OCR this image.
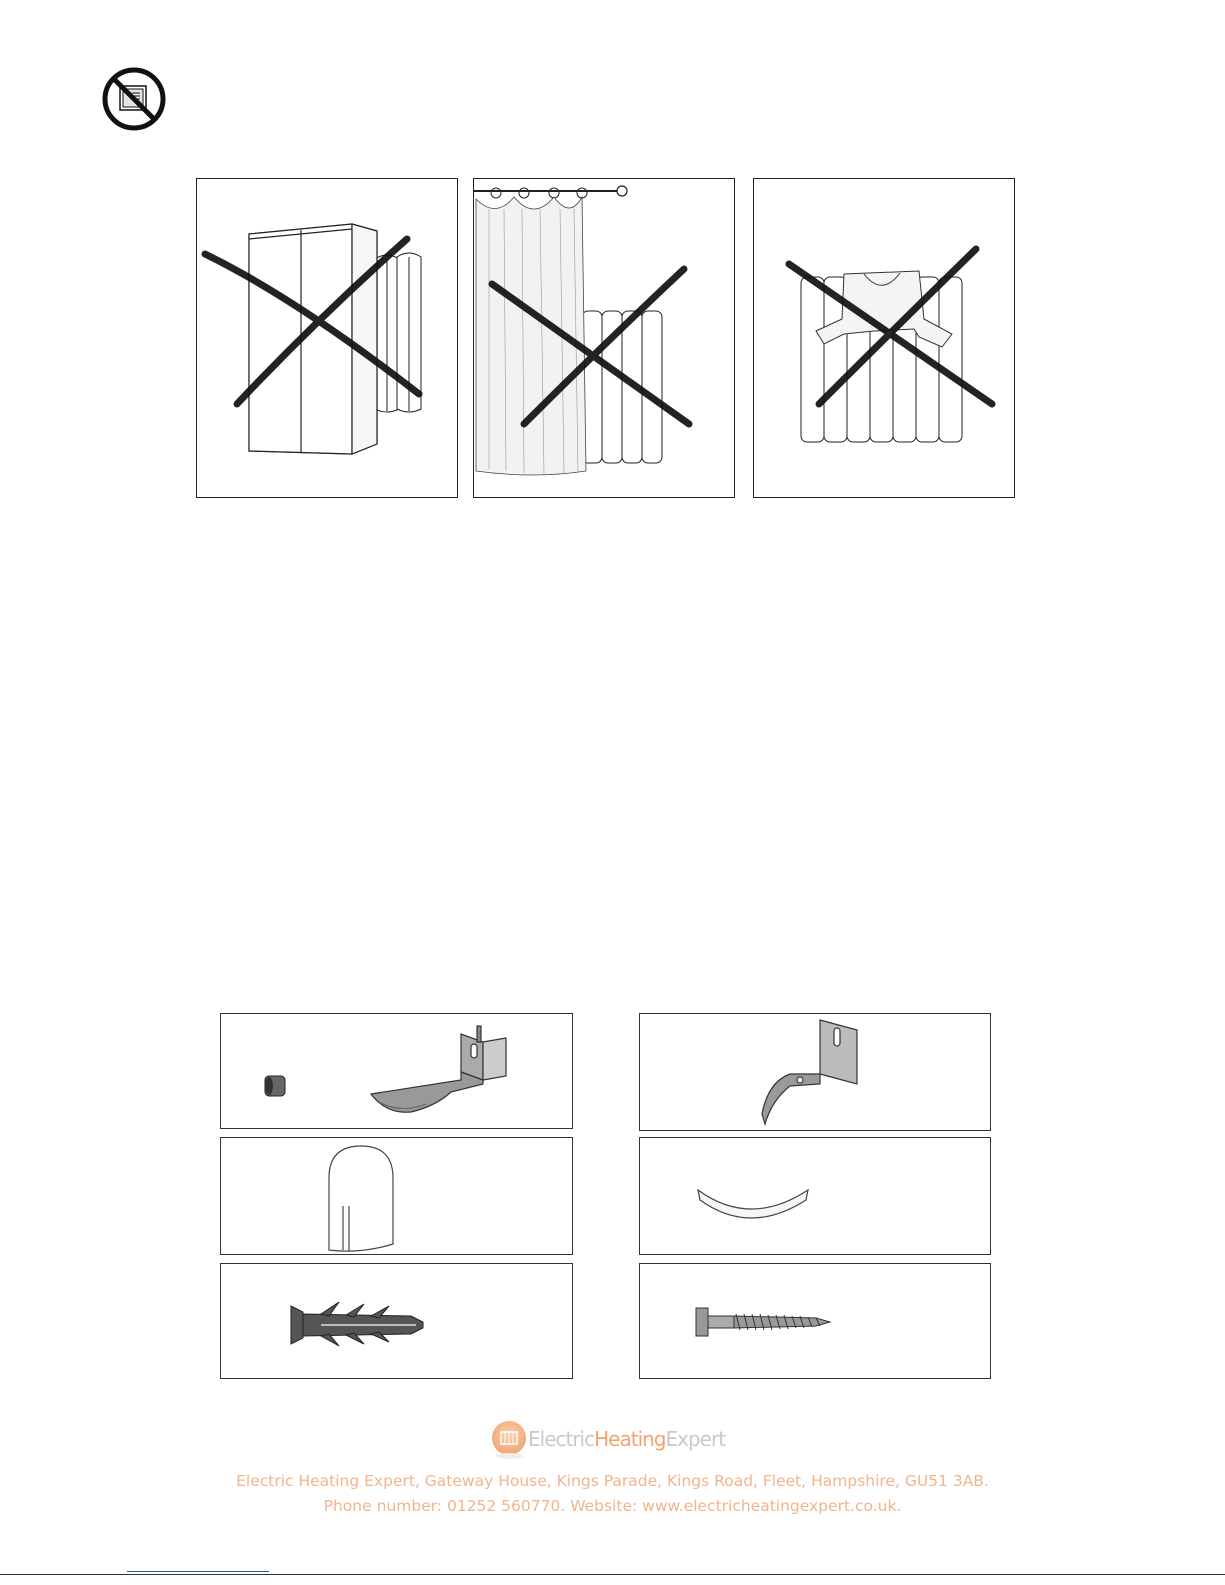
ElectricHeatingExpert
Electric Heating Expert, Gateway House, Kings Parade, Kings Road, Fleet, Hampshire, GU51 3AB.
Phone number: 01252 560770. Website: www.electricheatingexpert.co.uk.
